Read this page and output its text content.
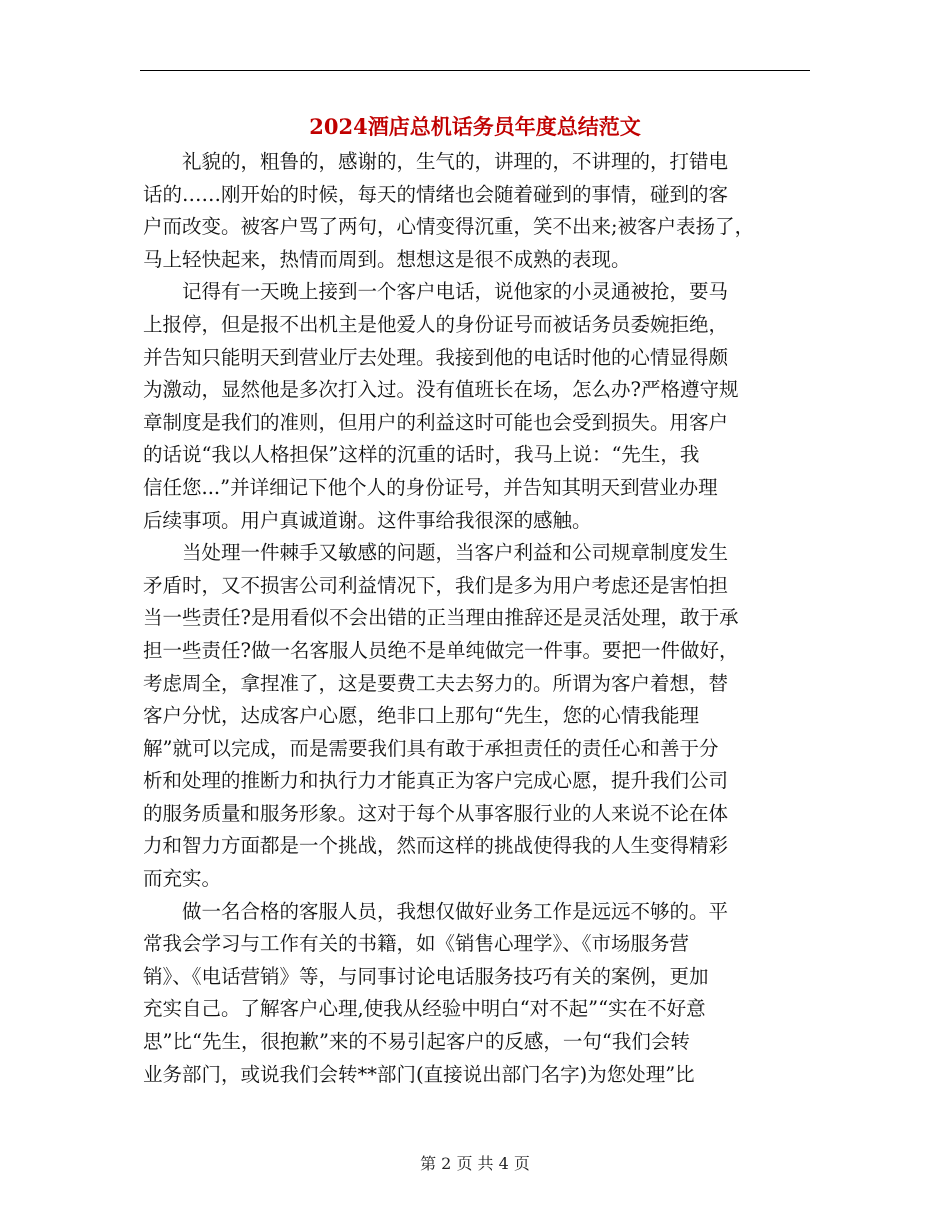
2024酒店总机话务员年度总结范文
　　礼貌的，粗鲁的，感谢的，生气的，讲理的，不讲理的，打错电
话的……刚开始的时候，每天的情绪也会随着碰到的事情，碰到的客
户而改变。被客户骂了两句，心情变得沉重，笑不出来;被客户表扬了，
马上轻快起来，热情而周到。想想这是很不成熟的表现。
　　记得有一天晚上接到一个客户电话，说他家的小灵通被抢，要马
上报停，但是报不出机主是他爱人的身份证号而被话务员委婉拒绝，
并告知只能明天到营业厅去处理。我接到他的电话时他的心情显得颇
为激动，显然他是多次打入过。没有值班长在场，怎么办?严格遵守规
章制度是我们的准则，但用户的利益这时可能也会受到损失。用客户
的话说“我以人格担保”这样的沉重的话时，我马上说：“先生，我
信任您...”并详细记下他个人的身份证号，并告知其明天到营业办理
后续事项。用户真诚道谢。这件事给我很深的感触。
　　当处理一件棘手又敏感的问题，当客户利益和公司规章制度发生
矛盾时，又不损害公司利益情况下，我们是多为用户考虑还是害怕担
当一些责任?是用看似不会出错的正当理由推辞还是灵活处理，敢于承
担一些责任?做一名客服人员绝不是单纯做完一件事。要把一件做好，
考虑周全，拿捏准了，这是要费工夫去努力的。所谓为客户着想，替
客户分忧，达成客户心愿，绝非口上那句“先生，您的心情我能理
解”就可以完成，而是需要我们具有敢于承担责任的责任心和善于分
析和处理的推断力和执行力才能真正为客户完成心愿，提升我们公司
的服务质量和服务形象。这对于每个从事客服行业的人来说不论在体
力和智力方面都是一个挑战，然而这样的挑战使得我的人生变得精彩
而充实。
　　做一名合格的客服人员，我想仅做好业务工作是远远不够的。平
常我会学习与工作有关的书籍，如《销售心理学》、《市场服务营
销》、《电话营销》等，与同事讨论电话服务技巧有关的案例，更加
充实自己。了解客户心理,使我从经验中明白“对不起”“实在不好意
思”比“先生，很抱歉”来的不易引起客户的反感，一句“我们会转
业务部门，或说我们会转**部门(直接说出部门名字)为您处理”比
第 2 页 共 4 页
